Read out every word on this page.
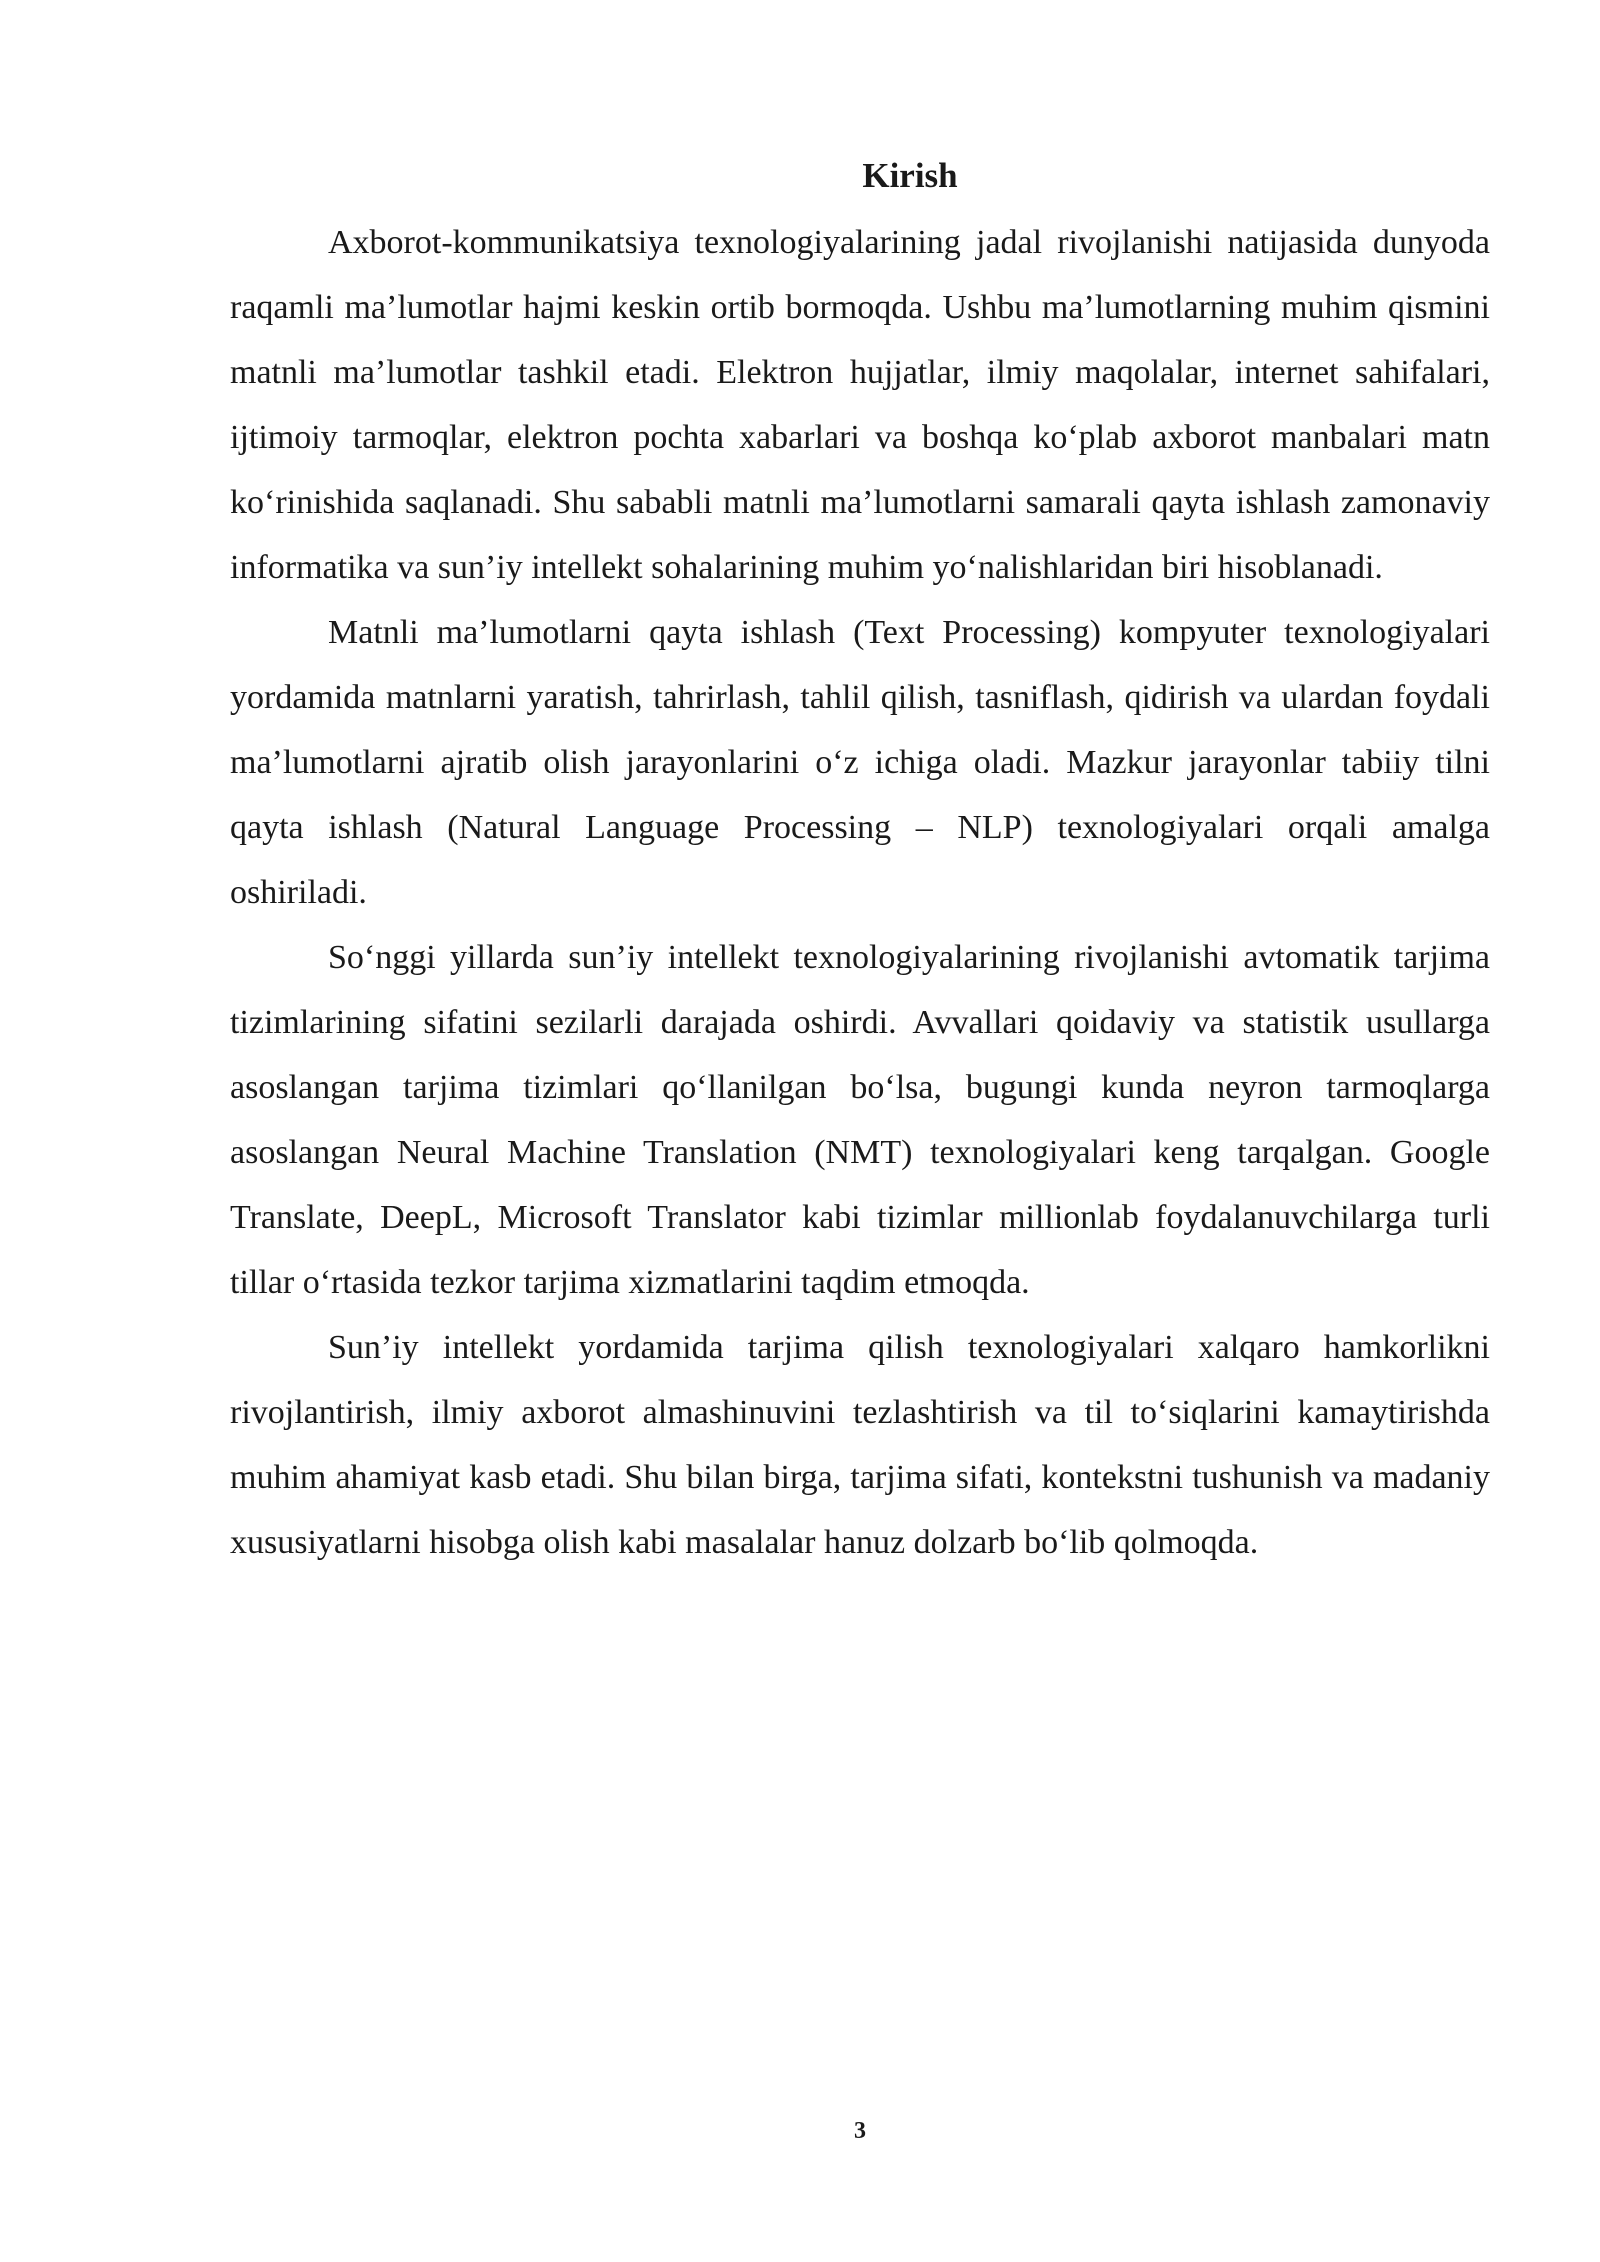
Kirish

Axborot-kommunikatsiya texnologiyalarining jadal rivojlanishi natijasida dunyoda raqamli ma’lumotlar hajmi keskin ortib bormoqda. Ushbu ma’lumotlarning muhim qismini matnli ma’lumotlar tashkil etadi. Elektron hujjatlar, ilmiy maqolalar, internet sahifalari, ijtimoiy tarmoqlar, elektron pochta xabarlari va boshqa ko‘plab axborot manbalari matn ko‘rinishida saqlanadi. Shu sababli matnli ma’lumotlarni samarali qayta ishlash zamonaviy informatika va sun’iy intellekt sohalarining muhim yo‘nalishlaridan biri hisoblanadi.

Matnli ma’lumotlarni qayta ishlash (Text Processing) kompyuter texnologiyalari yordamida matnlarni yaratish, tahrirlash, tahlil qilish, tasniflash, qidirish va ulardan foydali ma’lumotlarni ajratib olish jarayonlarini o‘z ichiga oladi. Mazkur jarayonlar tabiiy tilni qayta ishlash (Natural Language Processing – NLP) texnologiyalari orqali amalga oshiriladi.

So‘nggi yillarda sun’iy intellekt texnologiyalarining rivojlanishi avtomatik tarjima tizimlarining sifatini sezilarli darajada oshirdi. Avvallari qoidaviy va statistik usullarga asoslangan tarjima tizimlari qo‘llanilgan bo‘lsa, bugungi kunda neyron tarmoqlarga asoslangan Neural Machine Translation (NMT) texnologiyalari keng tarqalgan. Google Translate, DeepL, Microsoft Translator kabi tizimlar millionlab foydalanuvchilarga turli tillar o‘rtasida tezkor tarjima xizmatlarini taqdim etmoqda.

Sun’iy intellekt yordamida tarjima qilish texnologiyalari xalqaro hamkorlikni rivojlantirish, ilmiy axborot almashinuvini tezlashtirish va til to‘siqlarini kamaytirishda muhim ahamiyat kasb etadi. Shu bilan birga, tarjima sifati, kontekstni tushunish va madaniy xususiyatlarni hisobga olish kabi masalalar hanuz dolzarb bo‘lib qolmoqda.

3
